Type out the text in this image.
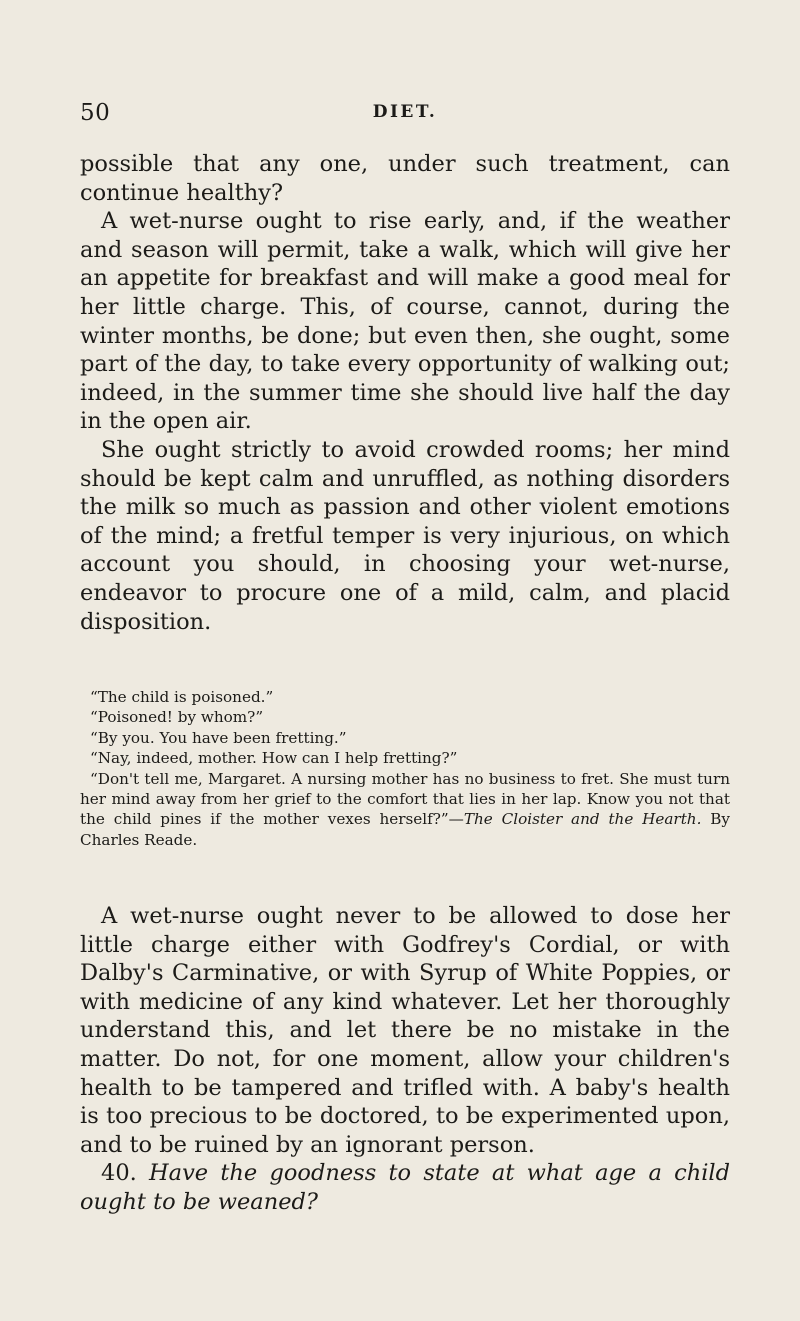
50	DIET.

possible that any one, under such treatment, can continue healthy?

A wet-nurse ought to rise early, and, if the weather and season will permit, take a walk, which will give her an appetite for breakfast and will make a good meal for her little charge. This, of course, cannot, during the winter months, be done; but even then, she ought, some part of the day, to take every opportunity of walking out; indeed, in the summer time she should live half the day in the open air.

She ought strictly to avoid crowded rooms; her mind should be kept calm and unruffled, as nothing disorders the milk so much as passion and other violent emotions of the mind; a fretful temper is very injurious, on which account you should, in choosing your wet-nurse, endeavor to procure one of a mild, calm, and placid disposition.

“The child is poisoned.”

“Poisoned! by whom?”

“By you. You have been fretting.”

“Nay, indeed, mother. How can I help fretting?”

“Don't tell me, Margaret. A nursing mother has no business to fret. She must turn her mind away from her grief to the comfort that lies in her lap. Know you not that the child pines if the mother vexes herself?”—The Cloister and the Hearth. By Charles Reade.

A wet-nurse ought never to be allowed to dose her little charge either with Godfrey's Cordial, or with Dalby's Carminative, or with Syrup of White Poppies, or with medicine of any kind whatever. Let her thoroughly understand this, and let there be no mistake in the matter. Do not, for one moment, allow your children's health to be tampered and trifled with. A baby's health is too precious to be doctored, to be experimented upon, and to be ruined by an ignorant person.

40. Have the goodness to state at what age a child ought to be weaned?
